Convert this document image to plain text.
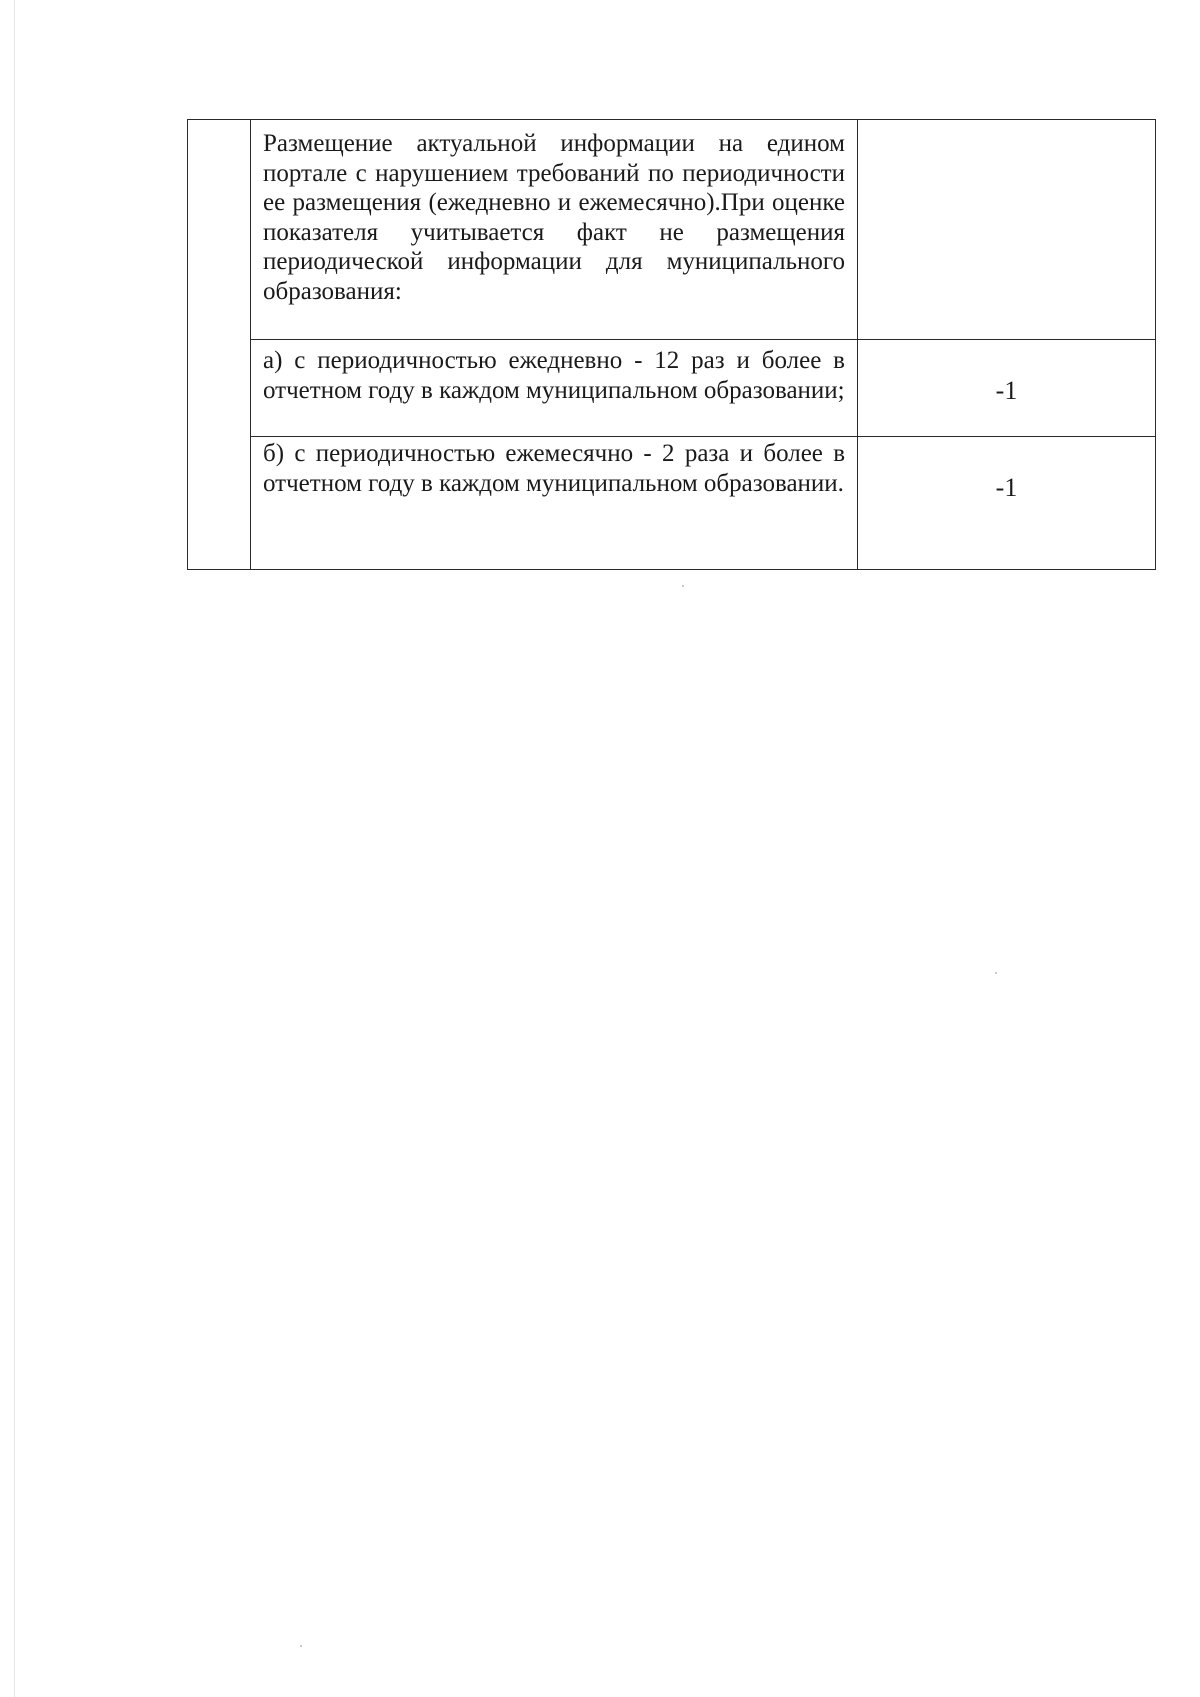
	Размещение актуальной информации на едином портале с нарушением требований по периодичности ее размещения (ежедневно и ежемесячно).При оценке показателя учитывается факт не размещения периодической информации для муниципального образования:	

	а) с периодичностью ежедневно - 12 раз и более в отчетном году в каждом муниципальном образовании;	-1

	б) с периодичностью ежемесячно - 2 раза и более в отчетном году в каждом муниципальном образовании.	-1
